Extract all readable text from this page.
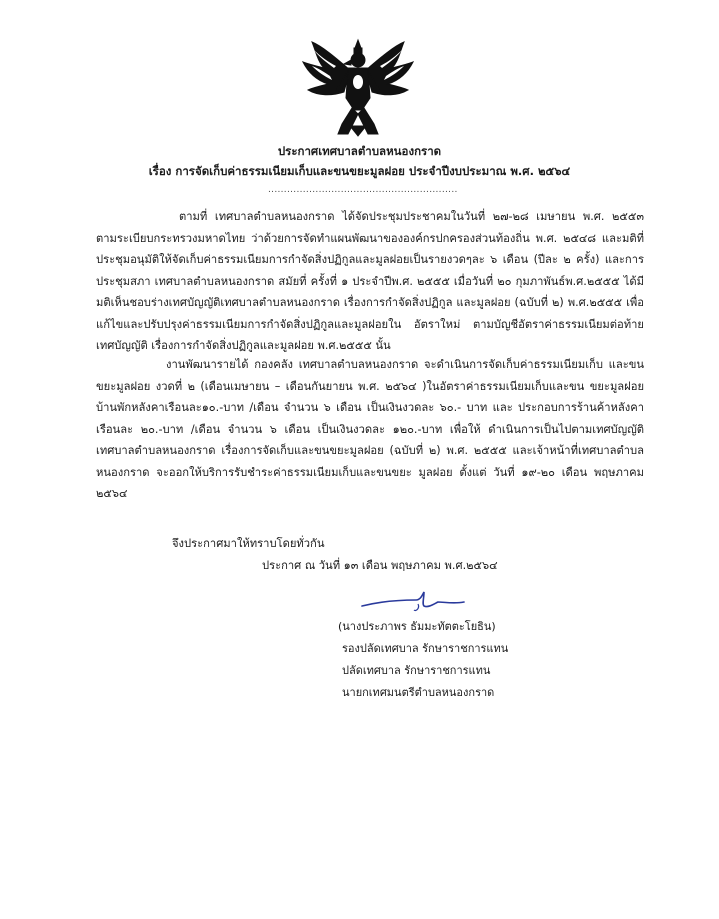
ประกาศเทศบาลตำบลหนองกราด
เรื่อง การจัดเก็บค่าธรรมเนียมเก็บและขนขยะมูลฝอย ประจำปีงบประมาณ พ.ศ. ๒๕๖๔
............................................................
ตามที่ เทศบาลตำบลหนองกราด ได้จัดประชุมประชาคมในวันที่ ๒๗-๒๘ เมษายน พ.ศ. ๒๕๕๓ ตามระเบียบกระทรวงมหาดไทย ว่าด้วยการจัดทำแผนพัฒนาขององค์กรปกครองส่วนท้องถิ่น พ.ศ. ๒๕๔๘ และมติที่ประชุมอนุมัติให้จัดเก็บค่าธรรมเนียมการกำจัดสิ่งปฏิกูลและมูลฝอยเป็นรายงวดๆละ ๖ เดือน (ปีละ ๒ ครั้ง) และการประชุมสภา เทศบาลตำบลหนองกราด สมัยที่ ครั้งที่ ๑ ประจำปีพ.ศ. ๒๕๕๕ เมื่อวันที่ ๒๐ กุมภาพันธ์พ.ศ.๒๕๕๕ ได้มีมติเห็นชอบร่างเทศบัญญัติเทศบาลตำบลหนองกราด เรื่องการกำจัดสิ่งปฏิกูล และมูลฝอย (ฉบับที่ ๒) พ.ศ.๒๕๕๕ เพื่อแก้ไขและปรับปรุงค่าธรรมเนียมการกำจัดสิ่งปฏิกูลและมูลฝอยใน อัตราใหม่ ตามบัญชีอัตราค่าธรรมเนียมต่อท้ายเทศบัญญัติ เรื่องการกำจัดสิ่งปฏิกูลและมูลฝอย พ.ศ.๒๕๕๕ นั้น
งานพัฒนารายได้ กองคลัง เทศบาลตำบลหนองกราด จะดำเนินการจัดเก็บค่าธรรมเนียมเก็บ และขนขยะมูลฝอย งวดที่ ๒ (เดือนเมษายน – เดือนกันยายน พ.ศ. ๒๕๖๔ )ในอัตราค่าธรรมเนียมเก็บและขน ขยะมูลฝอยบ้านพักหลังคาเรือนละ๑๐.-บาท /เดือน จำนวน ๖ เดือน เป็นเงินงวดละ ๖๐.- บาท และ ประกอบการร้านค้าหลังคาเรือนละ ๒๐.-บาท /เดือน จำนวน ๖ เดือน เป็นเงินงวดละ ๑๒๐.-บาท เพื่อให้ ดำเนินการเป็นไปตามเทศบัญญัติเทศบาลตำบลหนองกราด เรื่องการจัดเก็บและขนขยะมูลฝอย (ฉบับที่ ๒) พ.ศ. ๒๕๕๕ และเจ้าหน้าที่เทศบาลตำบลหนองกราด จะออกให้บริการรับชำระค่าธรรมเนียมเก็บและขนขยะ มูลฝอย ตั้งแต่ วันที่ ๑๙-๒๐ เดือน พฤษภาคม ๒๕๖๔
จึงประกาศมาให้ทราบโดยทั่วกัน
ประกาศ ณ วันที่ ๑๓ เดือน พฤษภาคม พ.ศ.๒๕๖๔
(นางประภาพร ธัมมะทัตตะโยธิน)
รองปลัดเทศบาล รักษาราชการแทน
ปลัดเทศบาล รักษาราชการแทน
นายกเทศมนตรีตำบลหนองกราด
